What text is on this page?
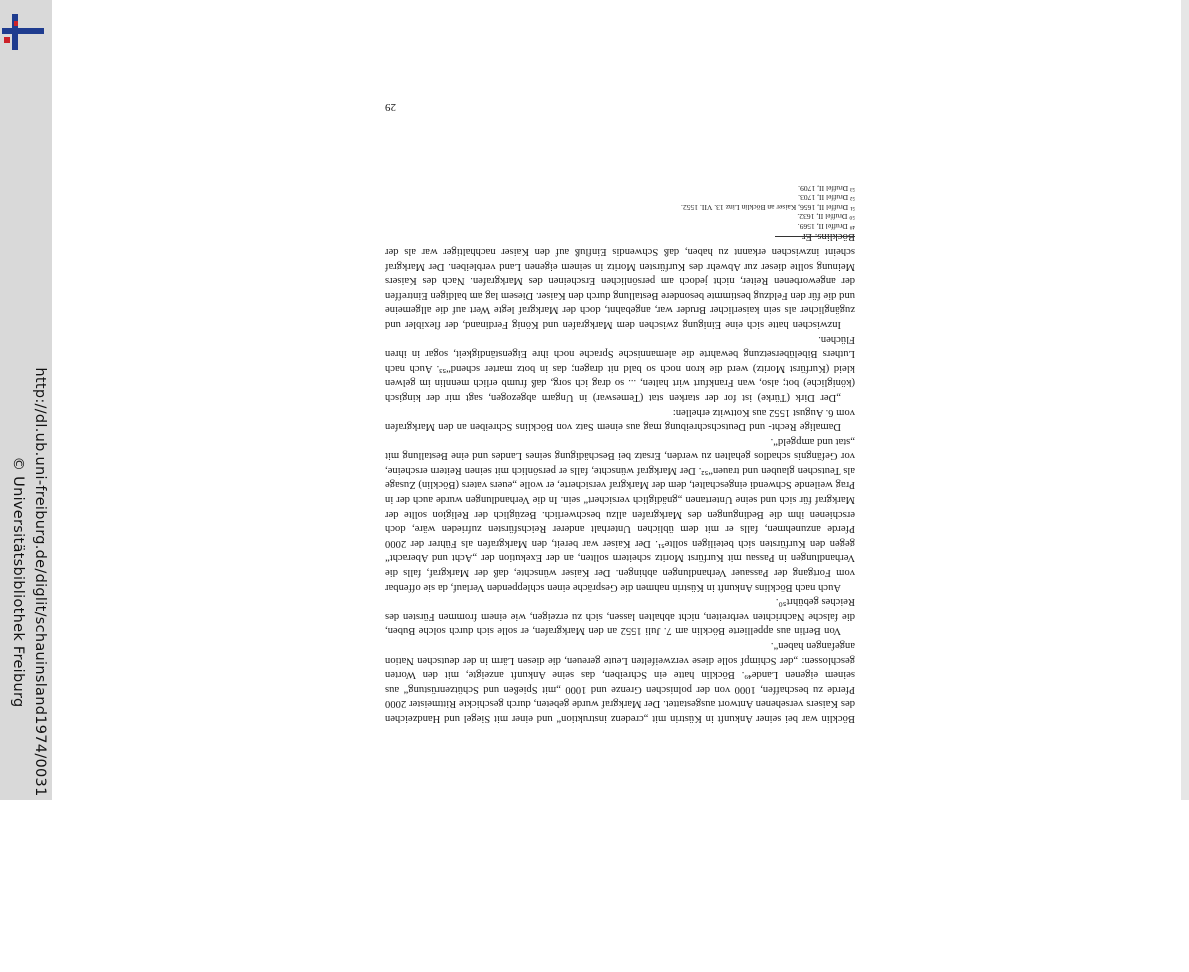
http://dl.ub.uni-freiburg.de/diglit/schauinsland1974/0031
© Universitätsbibliothek Freiburg

Böcklin war bei seiner Ankunft in Küstrin mit „credenz instruktion“ und einer mit Siegel und Handzeichen des Kaisers versehenen Antwort ausgestattet. Der Markgraf wurde gebeten, durch geschickte Rittmeister 2000 Pferde zu beschaffen, 1000 von der polnischen Grenze und 1000 „mit Spießen und Schützenrüstung“ aus seinem eigenen Lande⁴⁹. Böcklin hatte ein Schreiben, das seine Ankunft anzeigte, mit den Worten geschlossen: „der Schimpf solle diese verzweifelten Leute gereuen, die diesen Lärm in der deutschen Nation angefangen haben“.

Von Berlin aus appellierte Böcklin am 7. Juli 1552 an den Markgrafen, er solle sich durch solche Buben, die falsche Nachrichten verbreiten, nicht abhalten lassen, sich zu erzeigen, wie einem frommen Fürsten des Reiches gebührt⁵⁰.

Auch nach Böcklins Ankunft in Küstrin nahmen die Gespräche einen schleppenden Verlauf, da sie offenbar vom Fortgang der Passauer Verhandlungen abhingen. Der Kaiser wünschte, daß der Markgraf, falls die Verhandlungen in Passau mit Kurfürst Moritz scheitern sollten, an der Exekution der „Acht und Aberacht“ gegen den Kurfürsten sich beteiligen sollte⁵¹. Der Kaiser war bereit, den Markgrafen als Führer der 2000 Pferde anzunehmen, falls er mit dem üblichen Unterhalt anderer Reichsfürsten zufrieden wäre, doch erschienen ihm die Bedingungen des Markgrafen allzu beschwerlich. Bezüglich der Religion sollte der Markgraf für sich und seine Untertanen „gnädiglich versichert“ sein. In die Verhandlungen wurde auch der in Prag weilende Schwendi eingeschaltet, dem der Markgraf versicherte, er wolle „euers vaters (Böcklin) Zusage als Teutschen glauben und trauen“⁵². Der Markgraf wünschte, falls er persönlich mit seinen Reitern erscheine, vor Gefängnis schadlos gehalten zu werden, Ersatz bei Beschädigung seines Landes und eine Bestallung mit „stat und ampgeld“.

Damalige Recht- und Deutschschreibung mag aus einem Satz von Böcklins Schreiben an den Markgrafen vom 6. August 1552 aus Kottwitz erhellen:

„Der Dirk (Türke) ist for der starken stat (Temeswar) in Ungarn abgezogen, sagt mir der kingisch (königliche) bot; also, wan Frankfurt wirt halten, ... so drag ich sorg, daß frumb erlich mennlin im gelwen kleid (Kurfürst Moritz) werd die kron noch so bald nit dragen; das in botz marter schend“⁵³. Auch nach Luthers Bibelübersetzung bewahrte die alemannische Sprache noch ihre Eigenständigkeit, sogar in ihren Flüchen.

Inzwischen hatte sich eine Einigung zwischen dem Markgrafen und König Ferdinand, der flexibler und zugänglicher als sein kaiserlicher Bruder war, angebahnt, doch der Markgraf legte Wert auf die allgemeine und die für den Feldzug bestimmte besondere Bestallung durch den Kaiser. Diesem lag am baldigen Eintreffen der angeworbenen Reiter, nicht jedoch am persönlichen Erscheinen des Markgrafen. Nach des Kaisers Meinung sollte dieser zur Abwehr des Kurfürsten Moritz in seinem eigenen Land verbleiben. Der Markgraf scheint inzwischen erkannt zu haben, daß Schwendis Einfluß auf den Kaiser nachhaltiger war als der Böcklins. Er

⁴⁹ Druffel II, 1569.
⁵⁰ Druffel II, 1632.
⁵¹ Druffel II, 1656, Kaiser an Böcklin Linz 13. VII. 1552.
⁵² Druffel II, 1703.
⁵³ Druffel II, 1709.
29
